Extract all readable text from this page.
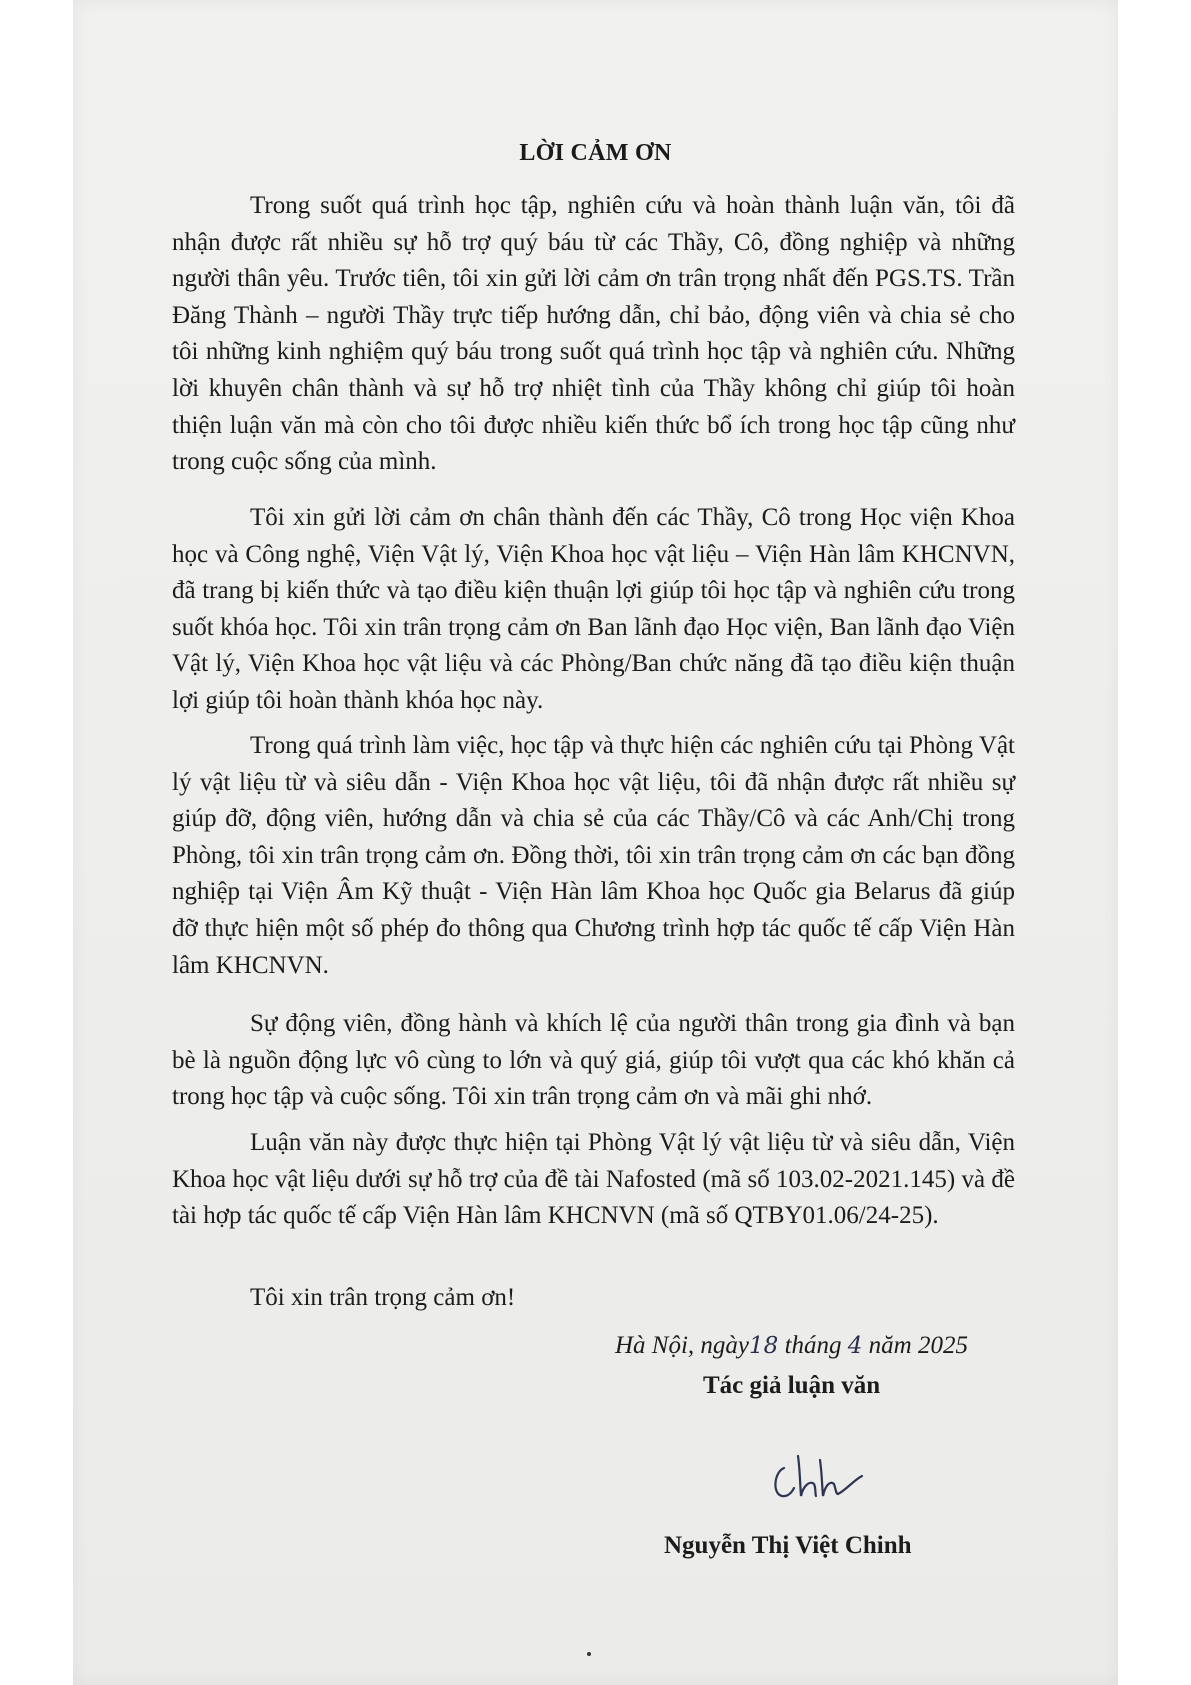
LỜI CẢM ƠN

Trong suốt quá trình học tập, nghiên cứu và hoàn thành luận văn, tôi đã nhận được rất nhiều sự hỗ trợ quý báu từ các Thầy, Cô, đồng nghiệp và những người thân yêu. Trước tiên, tôi xin gửi lời cảm ơn trân trọng nhất đến PGS.TS. Trần Đăng Thành – người Thầy trực tiếp hướng dẫn, chỉ bảo, động viên và chia sẻ cho tôi những kinh nghiệm quý báu trong suốt quá trình học tập và nghiên cứu. Những lời khuyên chân thành và sự hỗ trợ nhiệt tình của Thầy không chỉ giúp tôi hoàn thiện luận văn mà còn cho tôi được nhiều kiến thức bổ ích trong học tập cũng như trong cuộc sống của mình.

Tôi xin gửi lời cảm ơn chân thành đến các Thầy, Cô trong Học viện Khoa học và Công nghệ, Viện Vật lý, Viện Khoa học vật liệu – Viện Hàn lâm KHCNVN, đã trang bị kiến thức và tạo điều kiện thuận lợi giúp tôi học tập và nghiên cứu trong suốt khóa học. Tôi xin trân trọng cảm ơn Ban lãnh đạo Học viện, Ban lãnh đạo Viện Vật lý, Viện Khoa học vật liệu và các Phòng/Ban chức năng đã tạo điều kiện thuận lợi giúp tôi hoàn thành khóa học này.

Trong quá trình làm việc, học tập và thực hiện các nghiên cứu tại Phòng Vật lý vật liệu từ và siêu dẫn - Viện Khoa học vật liệu, tôi đã nhận được rất nhiều sự giúp đỡ, động viên, hướng dẫn và chia sẻ của các Thầy/Cô và các Anh/Chị trong Phòng, tôi xin trân trọng cảm ơn. Đồng thời, tôi xin trân trọng cảm ơn các bạn đồng nghiệp tại Viện Âm Kỹ thuật - Viện Hàn lâm Khoa học Quốc gia Belarus đã giúp đỡ thực hiện một số phép đo thông qua Chương trình hợp tác quốc tế cấp Viện Hàn lâm KHCNVN.

Sự động viên, đồng hành và khích lệ của người thân trong gia đình và bạn bè là nguồn động lực vô cùng to lớn và quý giá, giúp tôi vượt qua các khó khăn cả trong học tập và cuộc sống. Tôi xin trân trọng cảm ơn và mãi ghi nhớ.

Luận văn này được thực hiện tại Phòng Vật lý vật liệu từ và siêu dẫn, Viện Khoa học vật liệu dưới sự hỗ trợ của đề tài Nafosted (mã số 103.02-2021.145) và đề tài hợp tác quốc tế cấp Viện Hàn lâm KHCNVN (mã số QTBY01.06/24-25).

Tôi xin trân trọng cảm ơn!

Hà Nội, ngày18 tháng 4 năm 2025
Tác giả luận văn
Nguyễn Thị Việt Chinh
